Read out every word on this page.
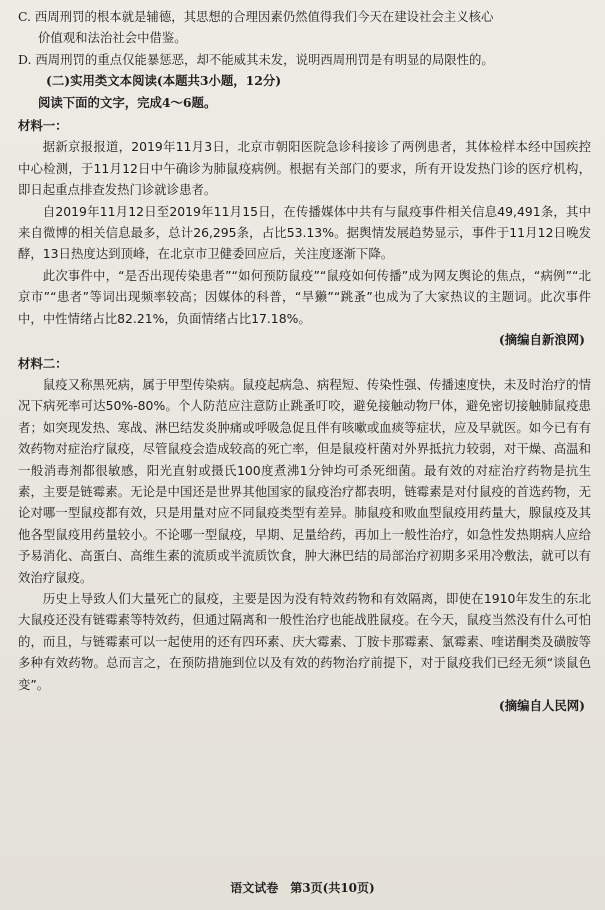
C. 西周刑罚的根本就是辅德，其思想的合理因素仍然值得我们今天在建设社会主义核心
价值观和法治社会中借鉴。
D. 西周刑罚的重点仅能暴惩恶，却不能威其未发，说明西周刑罚是有明显的局限性的。
(二)实用类文本阅读(本题共3小题，12分)
阅读下面的文字，完成4～6题。
材料一：
据新京报报道，2019年11月3日，北京市朝阳医院急诊科接诊了两例患者，其体检样本经中国疾控中心检测，于11月12日中午确诊为肺鼠疫病例。根据有关部门的要求，所有开设发热门诊的医疗机构，即日起重点排查发热门诊就诊患者。
自2019年11月12日至2019年11月15日，在传播媒体中共有与鼠疫事件相关信息49,491条，其中来自微博的相关信息最多，总计26,295条，占比53.13%。据舆情发展趋势显示，事件于11月12日晚发酵，13日热度达到顶峰，在北京市卫健委回应后，关注度逐渐下降。
此次事件中，“是否出现传染患者”“如何预防鼠疫”“鼠疫如何传播”成为网友舆论的焦点，“病例”“北京市”“患者”等词出现频率较高；因媒体的科普，“旱獭”“跳蚤”也成为了大家热议的主题词。此次事件中，中性情绪占比82.21%，负面情绪占比17.18%。
(摘编自新浪网)
材料二：
鼠疫又称黑死病，属于甲型传染病。鼠疫起病急、病程短、传染性强、传播速度快，未及时治疗的情况下病死率可达50%-80%。个人防范应注意防止跳蚤叮咬，避免接触动物尸体，避免密切接触肺鼠疫患者；如突现发热、寒战、淋巴结发炎肿痛或呼吸急促且伴有咳嗽或血痰等症状，应及早就医。如今已有有效药物对症治疗鼠疫，尽管鼠疫会造成较高的死亡率，但是鼠疫杆菌对外界抵抗力较弱，对干燥、高温和一般消毒剂都很敏感，阳光直射或摄氏100度煮沸1分钟均可杀死细菌。最有效的对症治疗药物是抗生素，主要是链霉素。无论是中国还是世界其他国家的鼠疫治疗都表明，链霉素是对付鼠疫的首选药物，无论对哪一型鼠疫都有效，只是用量对应不同鼠疫类型有差异。肺鼠疫和败血型鼠疫用药量大，腺鼠疫及其他各型鼠疫用药量较小。不论哪一型鼠疫，早期、足量给药，再加上一般性治疗，如急性发热期病人应给予易消化、高蛋白、高维生素的流质或半流质饮食，肿大淋巴结的局部治疗初期多采用冷敷法，就可以有效治疗鼠疫。
历史上导致人们大量死亡的鼠疫，主要是因为没有特效药物和有效隔离，即使在1910年发生的东北大鼠疫还没有链霉素等特效药，但通过隔离和一般性治疗也能战胜鼠疫。在今天，鼠疫当然没有什么可怕的，而且，与链霉素可以一起使用的还有四环素、庆大霉素、丁胺卡那霉素、氯霉素、喹诺酮类及磺胺等多种有效药物。总而言之，在预防措施到位以及有效的药物治疗前提下，对于鼠疫我们已经无须“谈鼠色变”。
(摘编自人民网)
语文试卷　第3页(共10页)
